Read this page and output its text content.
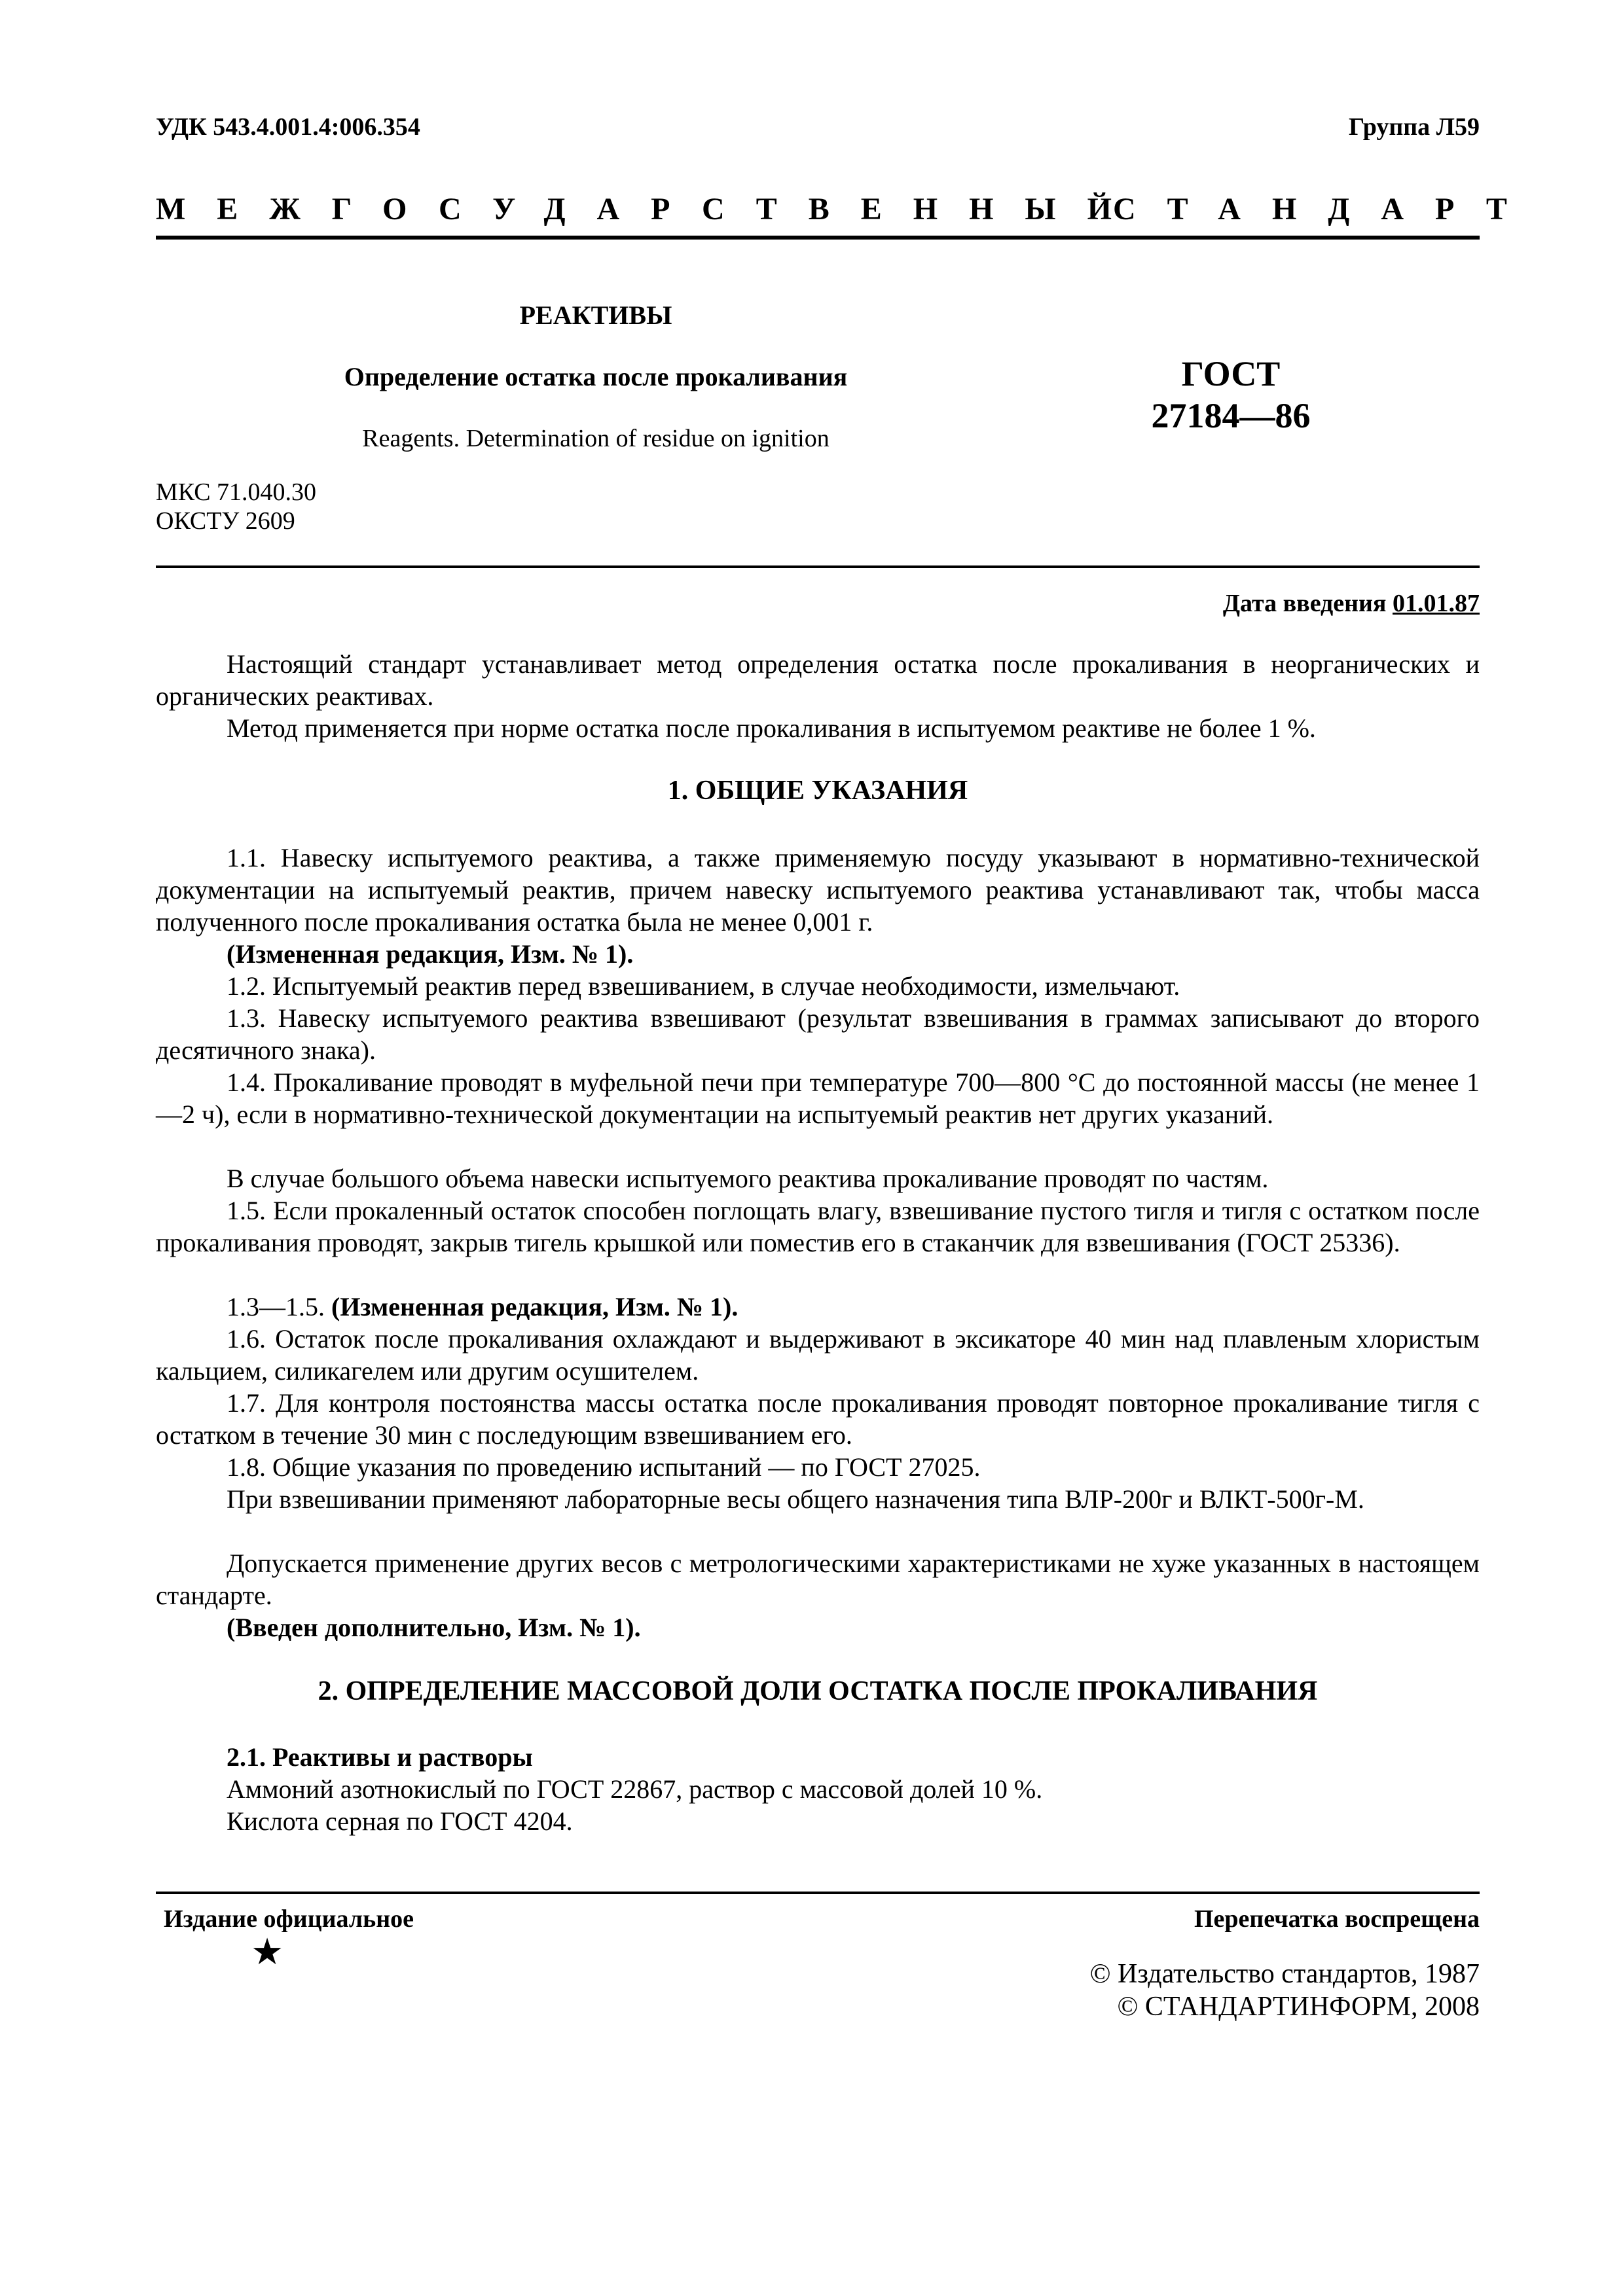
УДК 543.4.001.4:006.354	Группа Л59
МЕЖГОСУДАРСТВЕННЫЙ
СТАНДАРТ
РЕАКТИВЫ
Определение остатка после прокаливания
Reagents. Determination of residue on ignition
ГОСТ
27184—86
МКС 71.040.30
ОКСТУ 2609
Дата введения 01.01.87
Настоящий стандарт устанавливает метод определения остатка после прокаливания в неорганических и органических реактивах.
Метод применяется при норме остатка после прокаливания в испытуемом реактиве не более 1 %.
1. ОБЩИЕ УКАЗАНИЯ
1.1. Навеску испытуемого реактива, а также применяемую посуду указывают в нормативно-технической документации на испытуемый реактив, причем навеску испытуемого реактива устанавливают так, чтобы масса полученного после прокаливания остатка была не менее 0,001 г.
(Измененная редакция, Изм. № 1).
1.2. Испытуемый реактив перед взвешиванием, в случае необходимости, измельчают.
1.3. Навеску испытуемого реактива взвешивают (результат взвешивания в граммах записывают до второго десятичного знака).
1.4. Прокаливание проводят в муфельной печи при температуре 700—800 °С до постоянной массы (не менее 1—2 ч), если в нормативно-технической документации на испытуемый реактив нет других указаний.
В случае большого объема навески испытуемого реактива прокаливание проводят по частям.
1.5. Если прокаленный остаток способен поглощать влагу, взвешивание пустого тигля и тигля с остатком после прокаливания проводят, закрыв тигель крышкой или поместив его в стаканчик для взвешивания (ГОСТ 25336).
1.3—1.5. (Измененная редакция, Изм. № 1).
1.6. Остаток после прокаливания охлаждают и выдерживают в эксикаторе 40 мин над плавленым хлористым кальцием, силикагелем или другим осушителем.
1.7. Для контроля постоянства массы остатка после прокаливания проводят повторное прокаливание тигля с остатком в течение 30 мин с последующим взвешиванием его.
1.8. Общие указания по проведению испытаний — по ГОСТ 27025.
При взвешивании применяют лабораторные весы общего назначения типа ВЛР-200г и ВЛКТ-500г-М.
Допускается применение других весов с метрологическими характеристиками не хуже указанных в настоящем стандарте.
(Введен дополнительно, Изм. № 1).
2. ОПРЕДЕЛЕНИЕ МАССОВОЙ ДОЛИ ОСТАТКА ПОСЛЕ ПРОКАЛИВАНИЯ
2.1. Реактивы и растворы
Аммоний азотнокислый по ГОСТ 22867, раствор с массовой долей 10 %.
Кислота серная по ГОСТ 4204.
Издание официальное	Перепечатка воспрещена
★
© Издательство стандартов, 1987
© СТАНДАРТИНФОРМ, 2008
